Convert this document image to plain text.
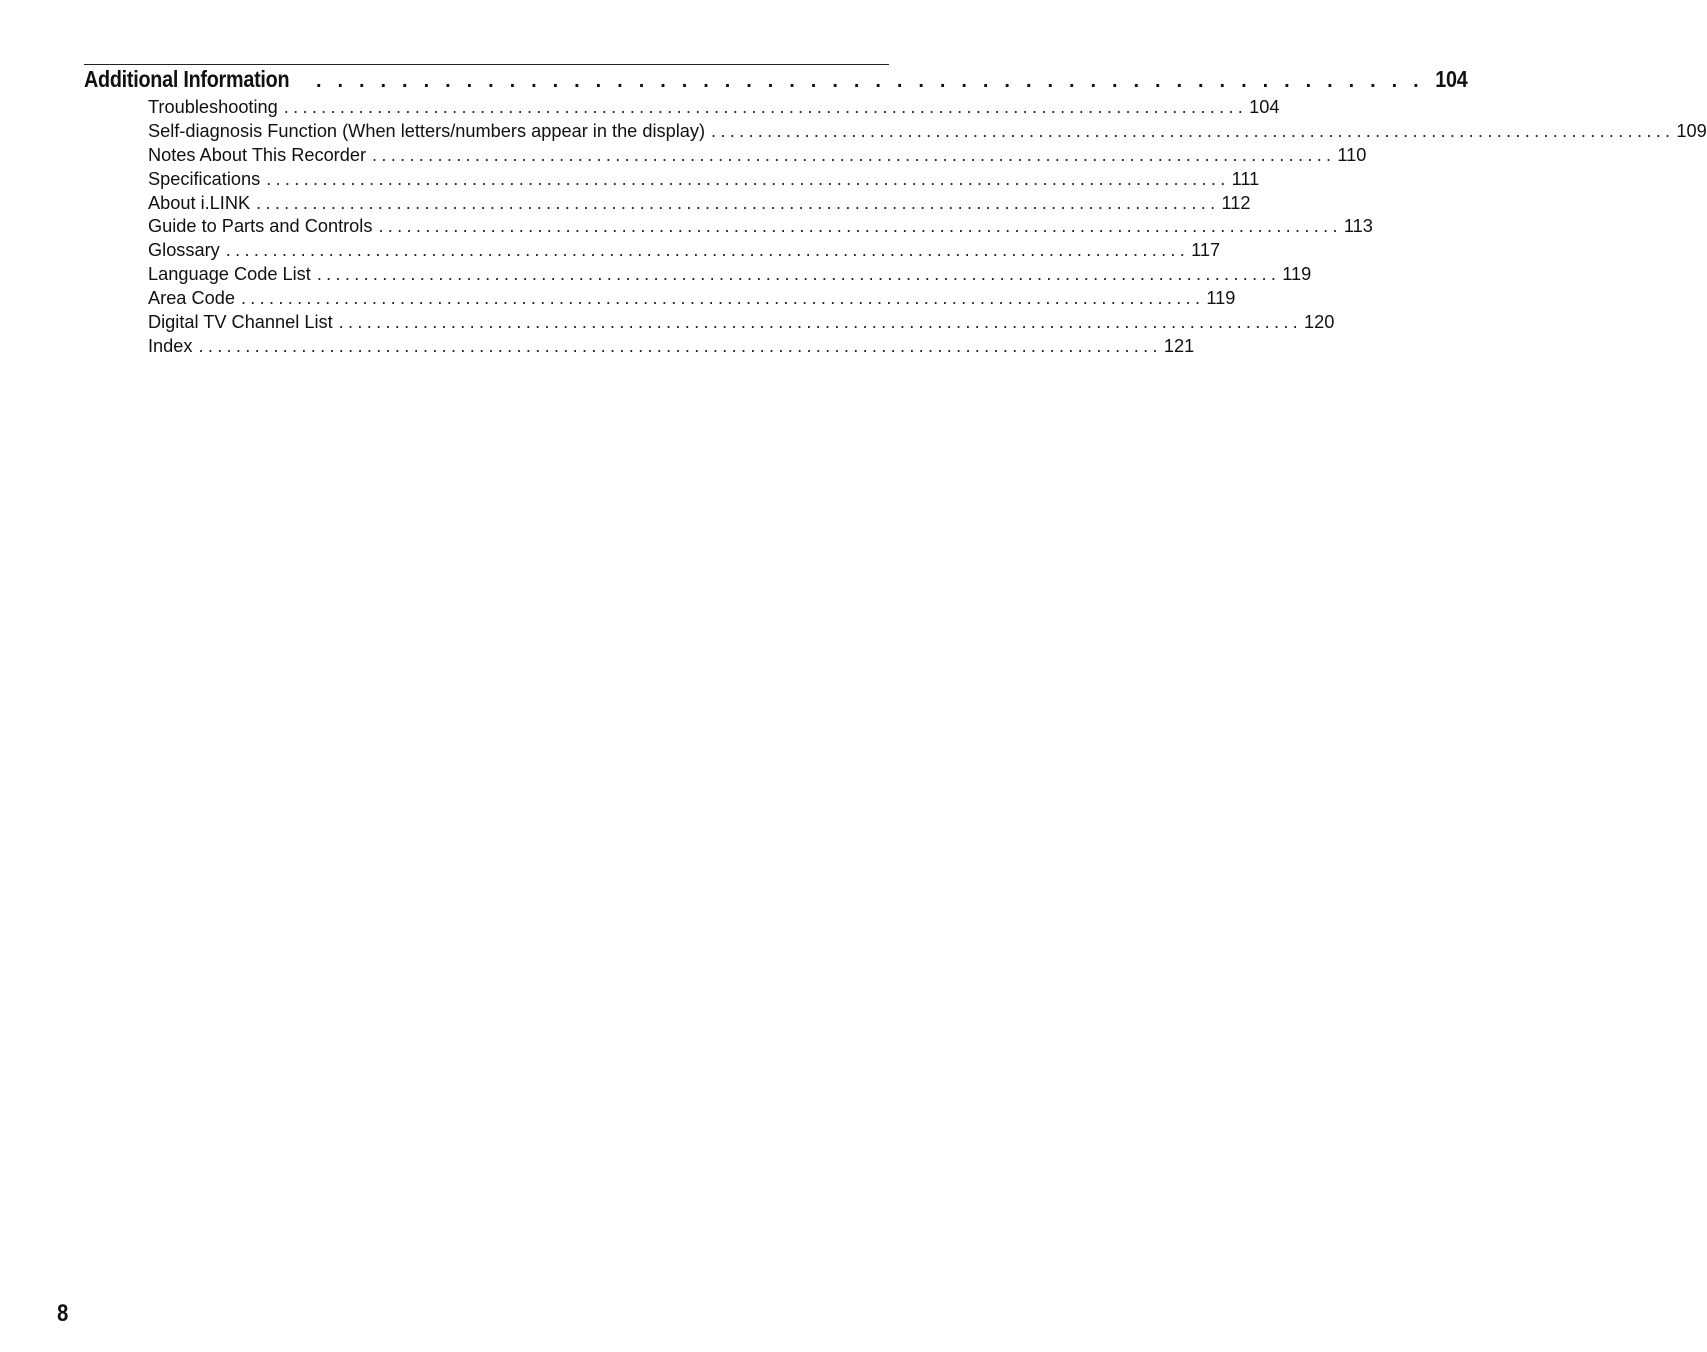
Additional Information . . . . . . . . . . . . . . . . . . . . . . . . . . . . . . . . . . . . . . . . . . . . . . . . . . . . 104
Troubleshooting ....................................................................................................... 104
Self-diagnosis Function (When letters/numbers appear in the display) ....................................................................................................... 109
Notes About This Recorder ....................................................................................................... 110
Specifications ....................................................................................................... 111
About i.LINK ....................................................................................................... 112
Guide to Parts and Controls ....................................................................................................... 113
Glossary ....................................................................................................... 117
Language Code List ....................................................................................................... 119
Area Code ....................................................................................................... 119
Digital TV Channel List ....................................................................................................... 120
Index ....................................................................................................... 121
8
